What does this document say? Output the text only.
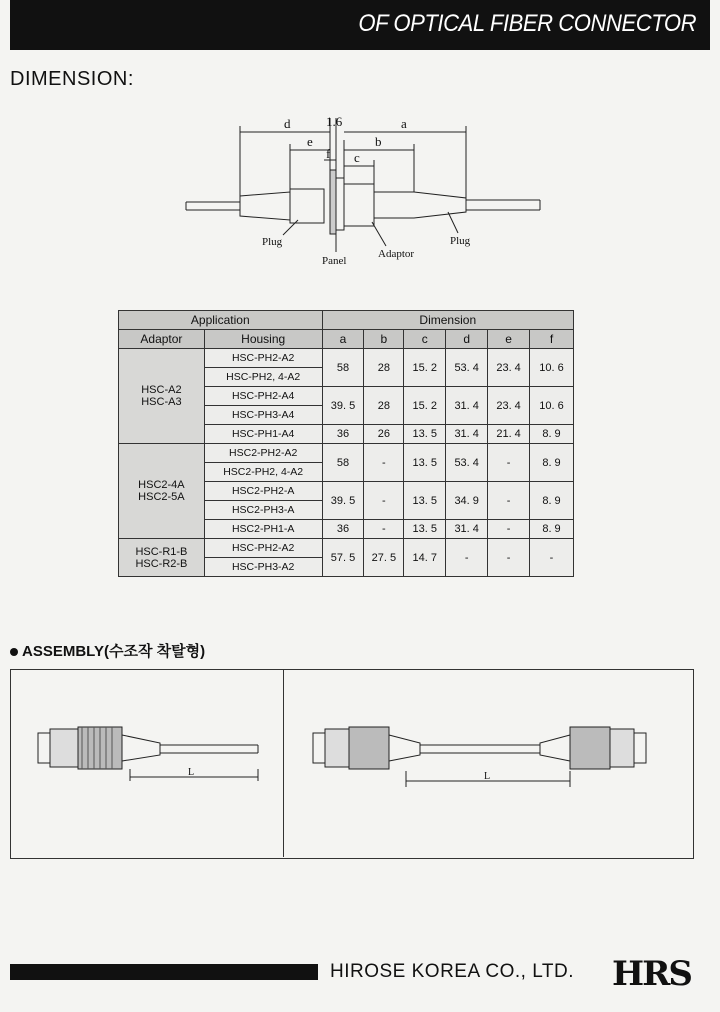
OF OPTICAL FIBER CONNECTOR
DIMENSION:
d	1.6	a
e	b
f c
Plug
Panel
Adaptor
Plug
Application		Dimension					

Adaptor	Housing	a	b	c	d	e	f

HSC-A2
HSC-A3	HSC-PH2-A2	58	28	15. 2	53. 4	23. 4	10. 6
	HSC-PH2, 4-A2						
	HSC-PH2-A4	39. 5	28	15. 2	31. 4	23. 4	10. 6
	HSC-PH3-A4						
	HSC-PH1-A4	36	26	13. 5	31. 4	21. 4	8. 9

HSC2-4A
HSC2-5A	HSC2-PH2-A2	58	-	13. 5	53. 4	-	8. 9
	HSC2-PH2, 4-A2						
	HSC2-PH2-A	39. 5	-	13. 5	34. 9	-	8. 9
	HSC2-PH3-A						
	HSC2-PH1-A	36	-	13. 5	31. 4	-	8. 9

HSC-R1-B
HSC-R2-B	HSC-PH2-A2	57. 5	27. 5	14. 7	-	-	-
	HSC-PH3-A2						
ASSEMBLY(수조작 착탈형)
L	L
HIROSE KOREA CO., LTD. HRS
